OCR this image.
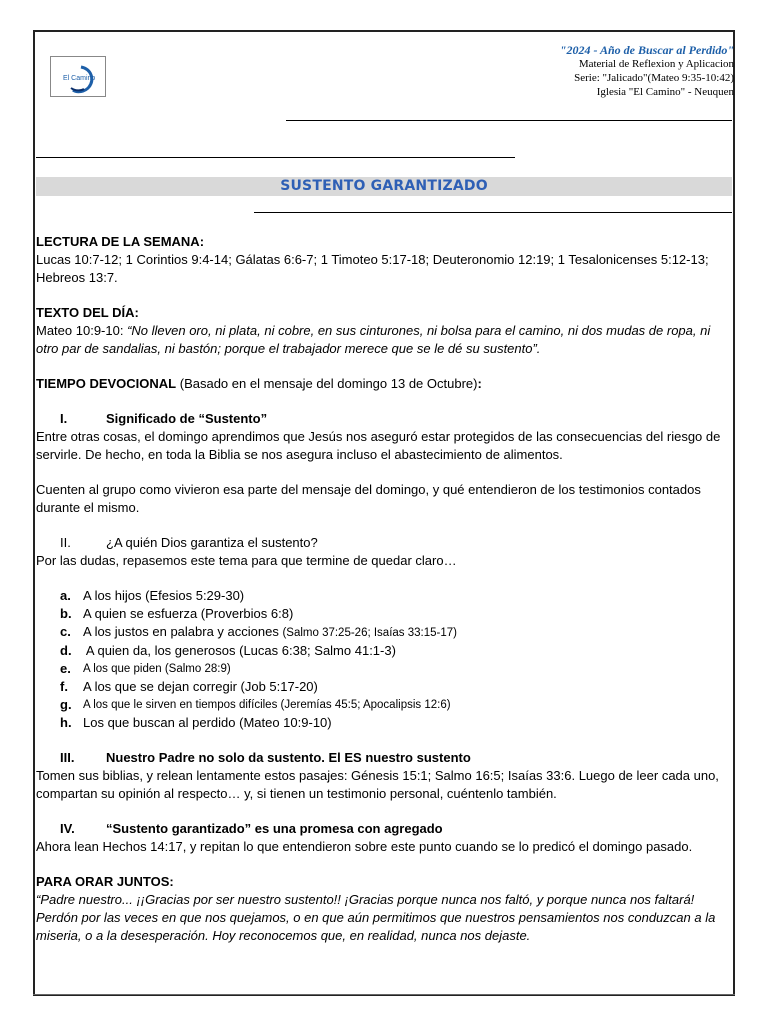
El Camino
"2024 - Año de Buscar al Perdido"
Material de Reflexion y Aplicacion
Serie: "Jalicado"(Mateo 9:35-10:42)
Iglesia "El Camino" - Neuquen
SUSTENTO GARANTIZADO

LECTURA DE LA SEMANA:

Lucas 10:7-12; 1 Corintios 9:4-14; Gálatas 6:6-7; 1 Timoteo 5:17-18; Deuteronomio 12:19; 1 Tesalonicenses 5:12-13; Hebreos 13:7.

TEXTO DEL DÍA:

Mateo 10:9-10: “No lleven oro, ni plata, ni cobre, en sus cinturones, ni bolsa para el camino, ni dos mudas de ropa, ni otro par de sandalias, ni bastón; porque el trabajador merece que se le dé su sustento”.

TIEMPO DEVOCIONAL (Basado en el mensaje del domingo 13 de Octubre):

I.	Significado de “Sustento”

Entre otras cosas, el domingo aprendimos que Jesús nos aseguró estar protegidos de las consecuencias del riesgo de servirle. De hecho, en toda la Biblia se nos asegura incluso el abastecimiento de alimentos.

Cuenten al grupo como vivieron esa parte del mensaje del domingo, y qué entendieron de los testimonios contados durante el mismo.

II.	¿A quién Dios garantiza el sustento?

Por las dudas, repasemos este tema para que termine de quedar claro…

a. A los hijos (Efesios 5:29-30)
b. A quien se esfuerza (Proverbios 6:8)
c. A los justos en palabra y acciones (Salmo 37:25-26; Isaías 33:15-17)
d. A quien da, los generosos (Lucas 6:38; Salmo 41:1-3)
e.	A los que piden (Salmo 28:9)
f.	A los que se dejan corregir (Job 5:17-20)
g. A los que le sirven en tiempos difíciles (Jeremías 45:5; Apocalipsis 12:6)
h. Los que buscan al perdido (Mateo 10:9-10)
III.	Nuestro Padre no solo da sustento. El ES nuestro sustento

Tomen sus biblias, y relean lentamente estos pasajes: Génesis 15:1; Salmo 16:5; Isaías 33:6. Luego de leer cada uno, compartan su opinión al respecto… y, si tienen un testimonio personal, cuéntenlo también.

IV.	“Sustento garantizado” es una promesa con agregado

Ahora lean Hechos 14:17, y repitan lo que entendieron sobre este punto cuando se lo predicó el domingo pasado.

PARA ORAR JUNTOS:

“Padre nuestro... ¡¡Gracias por ser nuestro sustento!! ¡Gracias porque nunca nos faltó, y porque nunca nos faltará! Perdón por las veces en que nos quejamos, o en que aún permitimos que nuestros pensamientos nos conduzcan a la miseria, o a la desesperación. Hoy reconocemos que, en realidad, nunca nos dejaste.
